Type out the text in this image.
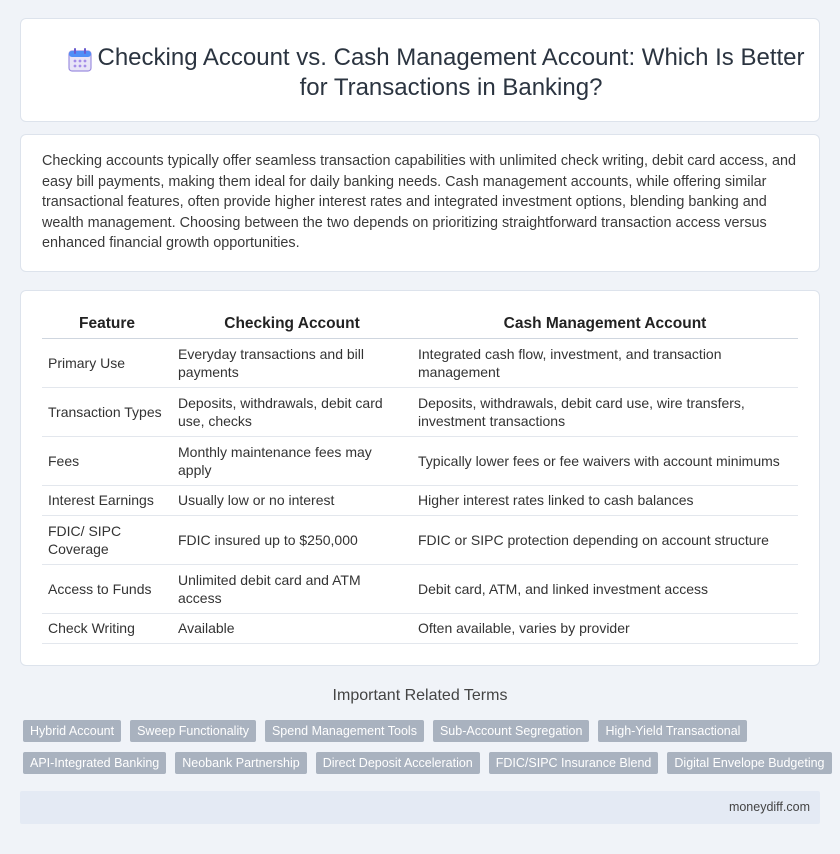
Checking Account vs. Cash Management Account: Which Is Better for Transactions in Banking?

Checking accounts typically offer seamless transaction capabilities with unlimited check writing, debit card access, and easy bill payments, making them ideal for daily banking needs. Cash management accounts, while offering similar transactional features, often provide higher interest rates and integrated investment options, blending banking and wealth management. Choosing between the two depends on prioritizing straightforward transaction access versus enhanced financial growth opportunities.

Feature	Checking Account	Cash Management Account
Primary Use	Everyday transactions and bill payments	Integrated cash flow, investment, and transaction management
Transaction Types	Deposits, withdrawals, debit card use, checks	Deposits, withdrawals, debit card use, wire transfers, investment transactions
Fees	Monthly maintenance fees may apply	Typically lower fees or fee waivers with account minimums
Interest Earnings	Usually low or no interest	Higher interest rates linked to cash balances
FDIC/ SIPC Coverage	FDIC insured up to $250,000	FDIC or SIPC protection depending on account structure
Access to Funds	Unlimited debit card and ATM access	Debit card, ATM, and linked investment access
Check Writing	Available	Often available, varies by provider
Important Related Terms
Hybrid Account	Sweep Functionality	Spend Management Tools	Sub-Account Segregation	High-Yield Transactional
API-Integrated Banking	Neobank Partnership	Direct Deposit Acceleration	FDIC/SIPC Insurance Blend	Digital Envelope Budgeting
moneydiff.com
